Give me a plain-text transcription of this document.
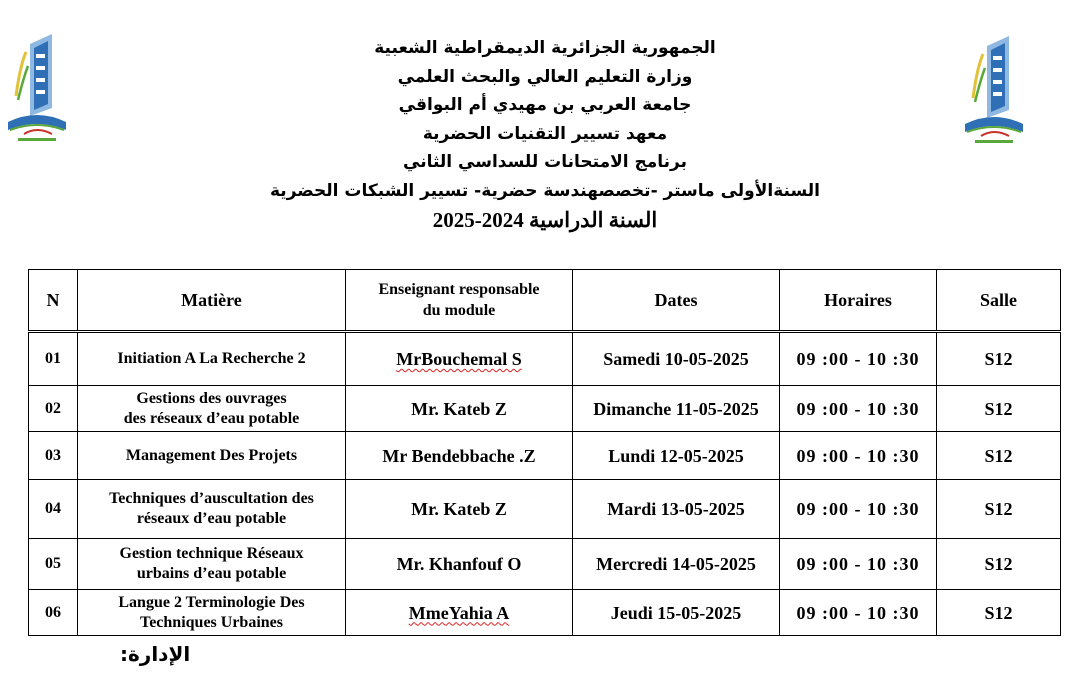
الجمهورية الجزائرية الديمقراطية الشعبية
وزارة التعليم العالي والبحث العلمي
جامعة العربي بن مهيدي أم البواقي
معهد تسيير التقنيات الحضرية
برنامج الامتحانات للسداسي الثاني
السنةالأولى ماستر -تخصصهندسة حضرية- تسيير الشبكات الحضرية
السنة الدراسية 2024-2025
N	Matière	Enseignant responsable
du module	Dates	Horaires	Salle
01	Initiation A La Recherche 2	MrBouchemal S	Samedi 10-05-2025	09 :00 - 10 :30	S12
02	Gestions des ouvrages
des réseaux d’eau potable	Mr. Kateb Z	Dimanche 11-05-2025	09 :00 - 10 :30	S12
03	Management Des Projets	Mr Bendebbache .Z	Lundi 12-05-2025	09 :00 - 10 :30	S12
04	Techniques d’auscultation des
réseaux d’eau potable	Mr. Kateb Z	Mardi 13-05-2025	09 :00 - 10 :30	S12
05	Gestion technique Réseaux
urbains d’eau potable	Mr. Khanfouf O	Mercredi 14-05-2025	09 :00 - 10 :30	S12
06	Langue 2 Terminologie Des
Techniques Urbaines	MmeYahia A	Jeudi 15-05-2025	09 :00 - 10 :30	S12
الإدارة:
